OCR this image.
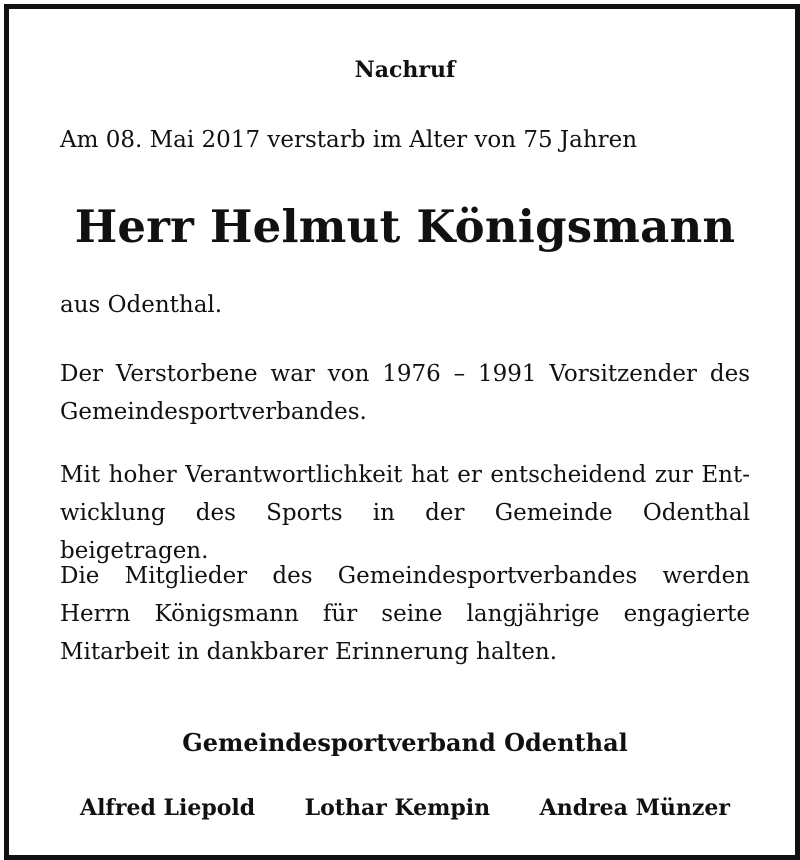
Nachruf
Am 08. Mai 2017 verstarb im Alter von 75 Jahren
Herr Helmut Königsmann
aus Odenthal.
Der Verstorbene war von 1976 – 1991 Vorsitzender des Gemeindesportverbandes.
Mit hoher Verantwortlichkeit hat er entscheidend zur Entwicklung des Sports in der Gemeinde Odenthal beigetragen.
Die Mitglieder des Gemeindesportverbandes werden Herrn Königsmann für seine langjährige engagierte Mitarbeit in dankbarer Erinnerung halten.
Gemeindesportverband Odenthal
Alfred Liepold Lothar Kempin Andrea Münzer
